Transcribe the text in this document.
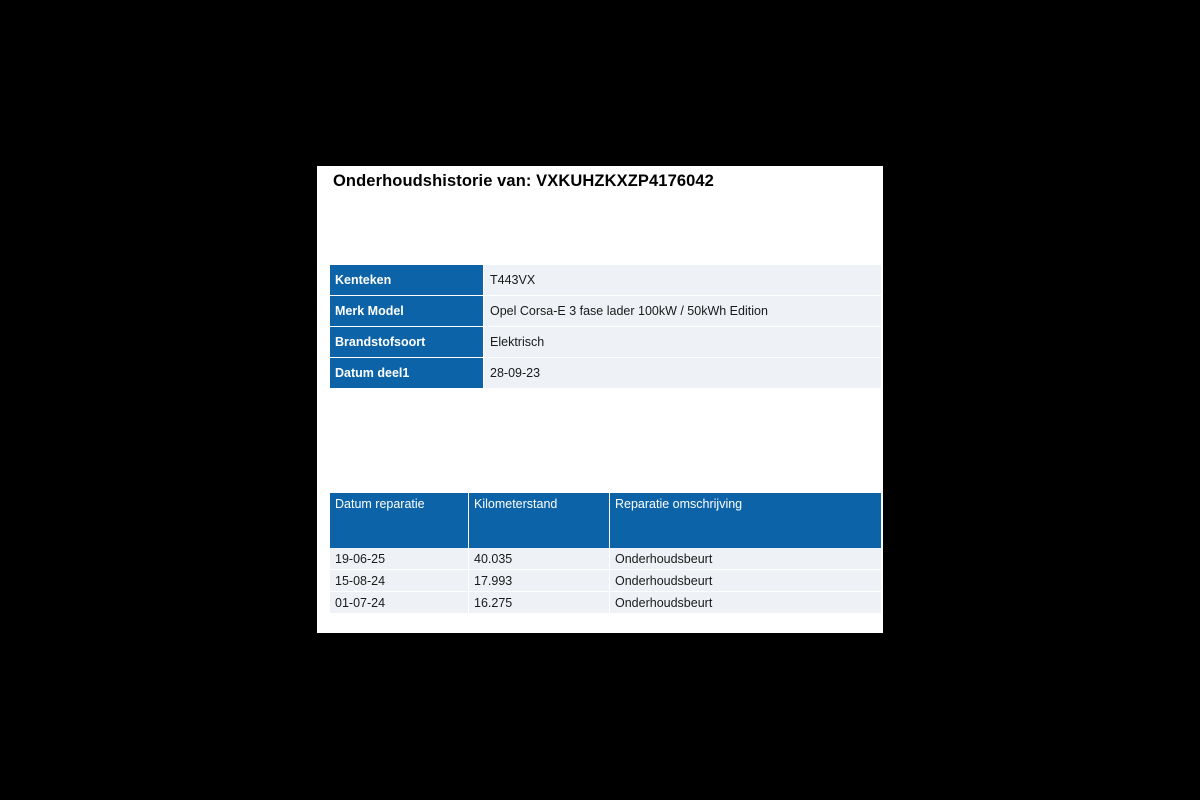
Onderhoudshistorie van: VXKUHZKXZP4176042
Kenteken	T443VX
Merk Model	Opel Corsa-E 3 fase lader 100kW / 50kWh Edition
Brandstofsoort	Elektrisch
Datum deel1	28-09-23
Datum reparatie	Kilometerstand	Reparatie omschrijving
19-06-25	40.035	Onderhoudsbeurt
15-08-24	17.993	Onderhoudsbeurt
01-07-24	16.275	Onderhoudsbeurt
